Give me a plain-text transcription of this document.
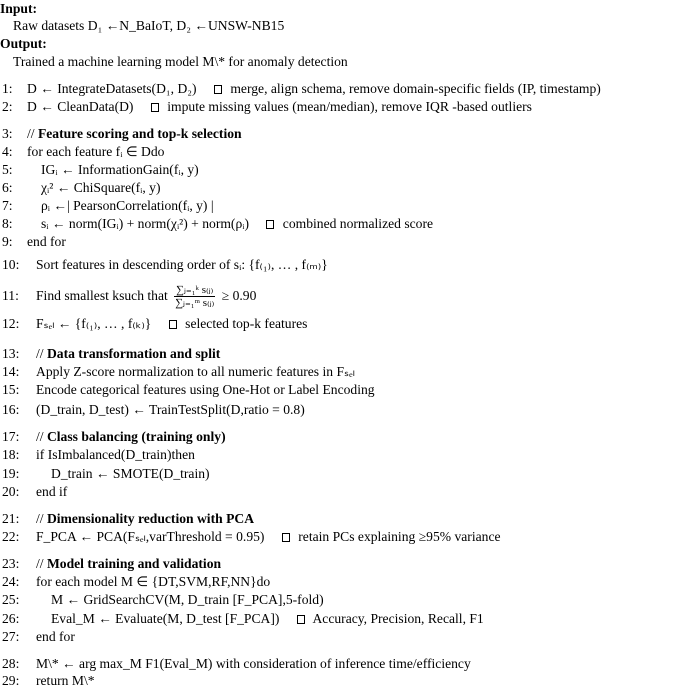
Input:
Raw datasets D₁ ←N_BaIoT, D₂ ←UNSW-NB15
Output:
Trained a machine learning model M\* for anomaly detection
1:	D ← IntegrateDatasets(D₁, D₂) merge, align schema, remove domain-specific fields (IP, timestamp)
2:	D ← CleanData(D) impute missing values (mean/median), remove IQR -based outliers
3:	// Feature scoring and top-k selection
4:	for each feature fᵢ ∈ Ddo
5:	IGᵢ ← InformationGain(fᵢ, y)
6:	χᵢ² ← ChiSquare(fᵢ, y)
7:	ρᵢ ←| PearsonCorrelation(fᵢ, y) |
8:	sᵢ ← norm(IGᵢ) + norm(χᵢ²) + norm(ρᵢ) combined normalized score
9:	end for
10:	Sort features in descending order of sᵢ: {f₍₁₎, … , f₍ₘ₎}
11:	Find smallest ksuch that $\frac{\text{∑ⱼ₌₁ᵏ s₍ⱼ₎}}{\text{∑ⱼ₌₁ᵐ s₍ⱼ₎}} \ge 0.90$
12:	Fₛₑₗ ← {f₍₁₎, … , f₍ₖ₎} selected top-k features
13:	// Data transformation and split
14:	Apply Z-score normalization to all numeric features in Fₛₑₗ
15:	Encode categorical features using One-Hot or Label Encoding
16:	(D_train, D_test) ← TrainTestSplit(D,ratio = 0.8)
17:	// Class balancing (training only)
18:	if IsImbalanced(D_train)then
19:	D_train ← SMOTE(D_train)
20:	end if
21:	// Dimensionality reduction with PCA
22:	F_PCA ← PCA(Fₛₑₗ,varThreshold = 0.95) retain PCs explaining ≥95% variance
23:	// Model training and validation
24:	for each model M ∈ {DT,SVM,RF,NN}do
25:	M ← GridSearchCV(M, D_train [F_PCA],5-fold)
26:	Eval_M ← Evaluate(M, D_test [F_PCA]) Accuracy, Precision, Recall, F1
27:	end for
28:	M\* ← arg max_M F1(Eval_M) with consideration of inference time/efficiency
29:	return M\*
